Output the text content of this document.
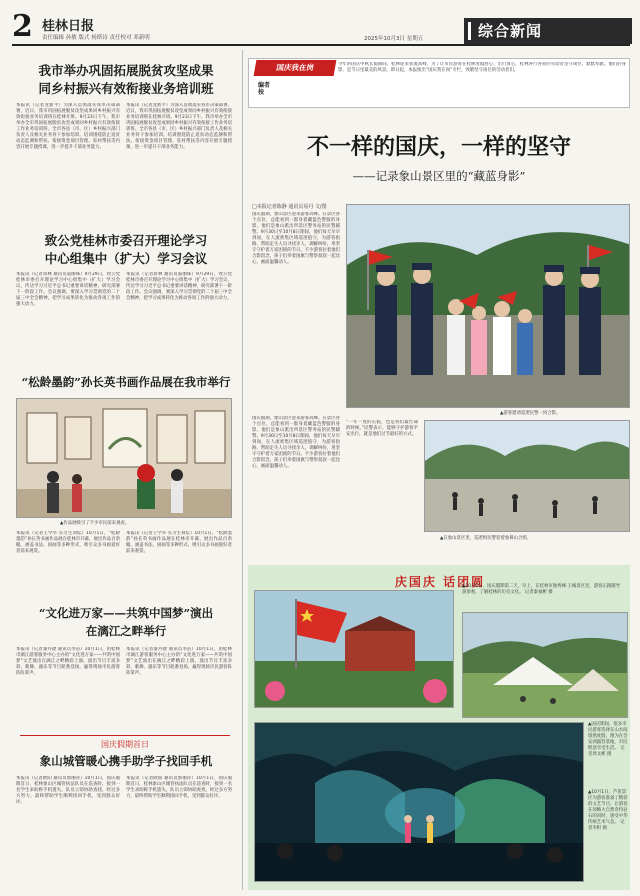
2 桂林日报
责任编辑 孙敏 版式 杨斯诗 责任校对 邓新明	2025年10月3日 星期五	综合新闻
我市举办巩固拓展脱贫攻坚成果
同乡村振兴有效衔接业务培训班
本报讯（记者龙新平）为深入贯彻落实我市决策部署，近日，我市巩固拓展脱贫攻坚成果同乡村振兴有效衔接业务培训班在桂林开班。9月23日下午，我市举办全市巩固拓展脱贫攻坚成果同乡村振兴有效衔接工作业务培训班。全市各县（市、区）乡村振兴部门负责人及相关业务骨干参加培训。培训围绕防止返贫动态监测和帮扶、衔接资金项目管理、驻村帮扶等内容开展专题授课，进一步提升干部业务能力。
本报讯（记者龙新平）为深入贯彻落实我市决策部署，近日，我市巩固拓展脱贫攻坚成果同乡村振兴有效衔接业务培训班在桂林开班。9月23日下午，我市举办全市巩固拓展脱贫攻坚成果同乡村振兴有效衔接工作业务培训班。全市各县（市、区）乡村振兴部门负责人及相关业务骨干参加培训。培训围绕防止返贫动态监测和帮扶、衔接资金项目管理、驻村帮扶等内容开展专题授课，进一步提升干部业务能力。
致公党桂林市委召开理论学习
中心组集中（扩大）学习会议
本报讯（记者蒋林 通讯员董丽珠）9月29日，致公党桂林市委召开理论学习中心组集中（扩大）学习会议，传达学习习近平总书记重要讲话精神，研究部署下一阶段工作。会议强调，要深入学习贯彻党的二十届三中全会精神，把学习成果转化为推动各项工作的强大动力。
本报讯（记者蒋林 通讯员董丽珠）9月29日，致公党桂林市委召开理论学习中心组集中（扩大）学习会议，传达学习习近平总书记重要讲话精神，研究部署下一阶段工作。会议强调，要深入学习贯彻党的二十届三中全会精神，把学习成果转化为推动各项工作的强大动力。
“松龄墨韵”孙长英书画作品展在我市举行
▲作品展吸引了不少市民前来观看。
本报讯（记者王学华 实习生刘纭）10月1日，“松龄墨韵”孙长英书画作品展在桂林市开幕，展出作品百余幅，涵盖书法、国画等多种形式，吸引众多书画爱好者前来观赏。
本报讯（记者王学华 实习生刘纭）10月1日，“松龄墨韵”孙长英书画作品展在桂林市开幕，展出作品百余幅，涵盖书法、国画等多种形式，吸引众多书画爱好者前来观赏。
“文化进万家——共筑中国梦”演出
在漓江之畔举行
本报讯（记者秦丹捷 通讯员李洁）10月1日，由桂林市漓江游客服务中心主办的“文化进万家——共筑中国梦”文艺演出在漓江之畔精彩上演。演出节目丰富多彩，歌舞、器乐等节目轮番登场，赢得现场市民游客阵阵掌声。
本报讯（记者秦丹捷 通讯员李洁）10月1日，由桂林市漓江游客服务中心主办的“文化进万家——共筑中国梦”文艺演出在漓江之畔精彩上演。演出节目丰富多彩，歌舞、器乐等节目轮番登场，赢得现场市民游客阵阵掌声。
国庆假期首日
象山城管暖心携手助学子找回手机
本报讯（记者欧阳 通讯员郭丽萍）10月1日，国庆假期首日，桂林象山区城管执法队员在巡查时，接到一名学生求助称手机遗失。队员立即协助查找，经过多方努力，最终帮助学生顺利找回手机，受到群众好评。
本报讯（记者欧阳 通讯员郭丽萍）10月1日，国庆假期首日，桂林象山区城管执法队员在巡查时，接到一名学生求助称手机遗失。队员立即协助查找，经过多方努力，最终帮助学生顺利找回手机，受到群众好评。
国庆我在岗
编者按
今年的国庆中秋长假期间，桂林迎来客流高峰，为了让市民游客在桂林度假舒心、出行放心，桂林各行各业的劳动者坚守岗位、默默奉献。他们的身影，是节日里最美的风景。即日起，本报推出“国庆我在岗”专栏，致敬坚守岗位的劳动者们。
不一样的国庆，一样的坚守
——记录象山景区里的“藏蓝身影”
□本报记者陈静 通讯员易丹 文/图
国庆假期，象山景区迎来游客高峰。在景区各个点位，总能看到一群身着藏蓝色警服的身影，他们是象山派出所景区警务站的民警辅警。9月30日至10月8日期间，他们每天早早到岗，在人流密集区域巡逻值守，为游客指路、帮助走失人员寻找亲人、调解纠纷，用坚守守护着万家团圆的节日。不少游客拉着他们合影留念，孩子们举着国旗与警察叔叔一起比心，画面温馨动人。
▲游客邀请巡逻民警一同合影。
国庆假期，象山景区迎来游客高峰。在景区各个点位，总能看到一群身着藏蓝色警服的身影，他们是象山派出所景区警务站的民警辅警。9月30日至10月8日期间，他们每天早早到岗，在人流密集区域巡逻值守，为游客指路、帮助走失人员寻找亲人、调解纠纷，用坚守守护着万家团圆的节日。不少游客拉着他们合影留念，孩子们举着国旗与警察叔叔一起比心，画面温馨动人。
“一年一度的长假，也是我们最忙碌的时候。”民警表示，能够守护游客平安出行，就是他们过节最好的方式。
▲在象山景区里，巡逻组民警迎着象鼻山合照。
庆国庆 话团圆
▲10月2日，国庆假期第二天，早上，在桂林市独秀峰·王城景区里，游客正跟随导游参观，了解桂林的历史文化。 记者秦福彬 摄
▲国庆期间，很多市民游客选择在山水间悠然度假，图为在会安洲露营基地，市民惬意享受生活。 记者周文彬 摄
▲10月1日，芦笛景区为游客准备了精彩的文艺节目，让游客在领略大自然奇特岩石的同时，感受中华传统艺术气息。 记者李积 摄
